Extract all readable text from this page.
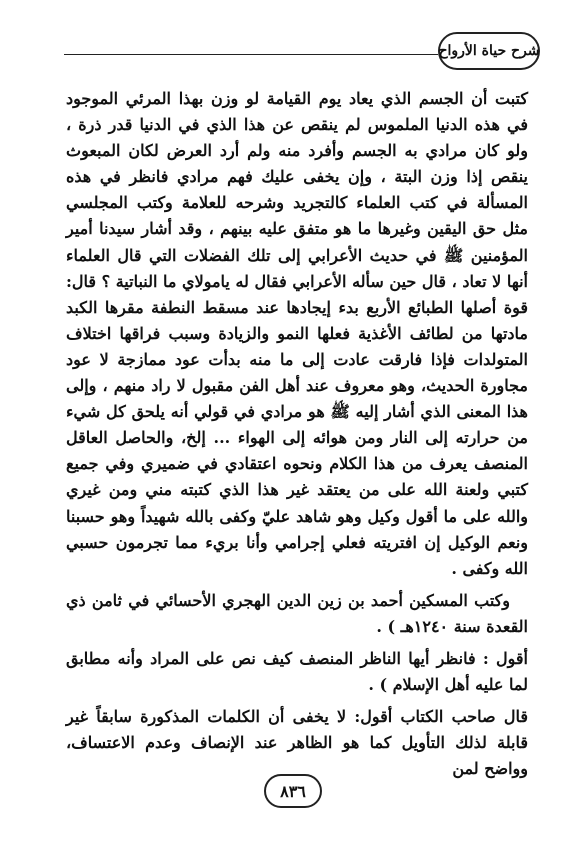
شرح حياة الأرواح

كتبت أن الجسم الذي يعاد يوم القيامة لو وزن بهذا المرئي الموجود في هذه الدنيا الملموس لم ينقص عن هذا الذي في الدنيا قدر ذرة ، ولو كان مرادي به الجسم وأفرد منه ولم أرد العرض لكان المبعوث ينقص إذا وزن البتة ، وإن يخفى عليك فهم مرادي فانظر في هذه المسألة في كتب العلماء كالتجريد وشرحه للعلامة وكتب المجلسي مثل حق اليقين وغيرها ما هو متفق عليه بينهم ، وقد أشار سيدنا أمير المؤمنين ﷺ في حديث الأعرابي إلى تلك الفضلات التي قال العلماء أنها لا تعاد ، قال حين سأله الأعرابي فقال له يامولاي ما النباتية ؟ قال: قوة أصلها الطبائع الأربع بدء إيجادها عند مسقط النطفة مقرها الكبد مادتها من لطائف الأغذية فعلها النمو والزيادة وسبب فراقها اختلاف المتولدات فإذا فارقت عادت إلى ما منه بدأت عود ممازجة لا عود مجاورة الحديث، وهو معروف عند أهل الفن مقبول لا راد منهم ، وإلى هذا المعنى الذي أشار إليه ﷺ هو مرادي في قولي أنه يلحق كل شيء من حرارته إلى النار ومن هوائه إلى الهواء ... إلخ، والحاصل العاقل المنصف يعرف من هذا الكلام ونحوه اعتقادي في ضميري وفي جميع كتبي ولعنة الله على من يعتقد غير هذا الذي كتبته مني ومن غيري والله على ما أقول وكيل وهو شاهد عليّ وكفى بالله شهيداً وهو حسبنا ونعم الوكيل إن افتريته فعلي إجرامي وأنا بريء مما تجرمون حسبي الله وكفى .

وكتب المسكين أحمد بن زين الدين الهجري الأحسائي في ثامن ذي القعدة سنة ١٢٤٠هـ ) .

أقول : فانظر أيها الناظر المنصف كيف نص على المراد وأنه مطابق لما عليه أهل الإسلام ) .

قال صاحب الكتاب أقول: لا يخفى أن الكلمات المذكورة سابقاً غير قابلة لذلك التأويل كما هو الظاهر عند الإنصاف وعدم الاعتساف، وواضح لمن

٨٣٦
